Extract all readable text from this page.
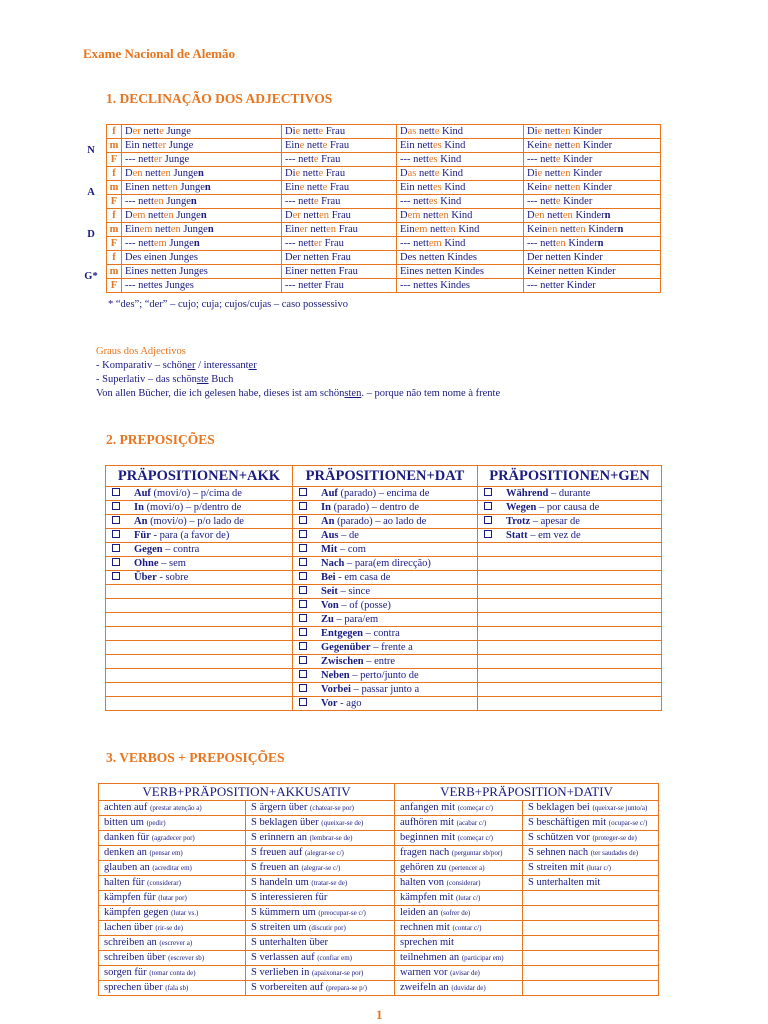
Exame Nacional de Alemão
1. DECLINAÇÃO DOS ADJECTIVOS
N
A
D
G*
f	Der nette Junge	Die nette Frau	Das nette Kind	Die netten Kinder
m	Ein netter Junge	Eine nette Frau	Ein nettes Kind	Keine netten Kinder
F	--- netter Junge	--- nette Frau	--- nettes Kind	--- nette Kinder
f	Den netten Jungen	Die nette Frau	Das nette Kind	Die netten Kinder
m	Einen netten Jungen	Eine nette Frau	Ein nettes Kind	Keine netten Kinder
F	--- netten Jungen	--- nette Frau	--- nettes Kind	--- nette Kinder
f	Dem netten Jungen	Der netten Frau	Dem netten Kind	Den netten Kindern
m	Einem netten Jungen	Einer netten Frau	Einem netten Kind	Keinen netten Kindern
F	--- nettem Jungen	--- netter Frau	--- nettem Kind	--- netten Kindern
f	Des einen Junges	Der netten Frau	Des netten Kindes	Der netten Kinder
m	Eines netten Junges	Einer netten Frau	Eines netten Kindes	Keiner netten Kinder
F	--- nettes Junges	--- netter Frau	--- nettes Kindes	--- netter Kinder
* “des”; “der” – cujo; cuja; cujos/cujas – caso possessivo
Graus dos Adjectivos
- Komparativ – schöner / interessanter
- Superlativ – das schönste Buch
Von allen Bücher, die ich gelesen habe, dieses ist am schönsten. – porque não tem nome à frente
2. PREPOSIÇÕES
PRÄPOSITIONEN+AKK	PRÄPOSITIONEN+DAT	PRÄPOSITIONEN+GEN
Auf (movi/o) – p/cima de	Auf (parado) – encima de	Während – durante
In (movi/o) – p/dentro de	In (parado) – dentro de	Wegen – por causa de
An (movi/o) – p/o lado de	An (parado) – ao lado de	Trotz – apesar de
Für - para (a favor de)	Aus – de	Statt – em vez de
Gegen – contra	Mit – com	
Ohne – sem	Nach – para(em direcção)	
Über - sobre	Bei - em casa de	
	Seit – since	
	Von – of (posse)	
	Zu – para/em	
	Entgegen – contra	
	Gegenüber – frente a	
	Zwischen – entre	
	Neben – perto/junto de	
	Vorbei – passar junto a	
	Vor - ago	
3. VERBOS + PREPOSIÇÕES
VERB+PRÄPOSITION+AKKUSATIV		VERB+PRÄPOSITION+DATIV	
achten auf (prestar atenção a)	S ärgern über (chatear-se por)	anfangen mit (começar c/)	S beklagen bei (queixar-se junto/a)
bitten um (pedir)	S beklagen über (queixar-se de)	aufhören mit (acabar c/)	S beschäftigen mit (ocupar-se c/)
danken für (agradecer por)	S erinnern an (lembrar-se de)	beginnen mit (começar c/)	S schützen vor (proteger-se de)
denken an (pensar em)	S freuen auf (alegrar-se c/)	fragen nach (perguntar sb/por)	S sehnen nach (ter saudades de)
glauben an (acreditar em)	S freuen an (alegrar-se c/)	gehören zu (pertencer a)	S streiten mit (lutar c/)
halten für (considerar)	S handeln um (tratar-se de)	halten von (considerar)	S unterhalten mit
kämpfen für (lutar por)	S interessieren für	kämpfen mit (lutar c/)	
kämpfen gegen (lutar vs.)	S kümmern um (preocupar-se c/)	leiden an (sofrer de)	
lachen über (rir-se de)	S streiten um (discutir por)	rechnen mit (contar c/)	
schreiben an (escrever a)	S unterhalten über	sprechen mit	
schreiben über (escrever sb)	S verlassen auf (confiar em)	teilnehmen an (participar em)	
sorgen für (tomar conta de)	S verlieben in (apaixonar-se por)	warnen vor (avisar de)	
sprechen über (fala sb)	S vorbereiten auf (prepara-se p/)	zweifeln an (duvidar de)	
1
